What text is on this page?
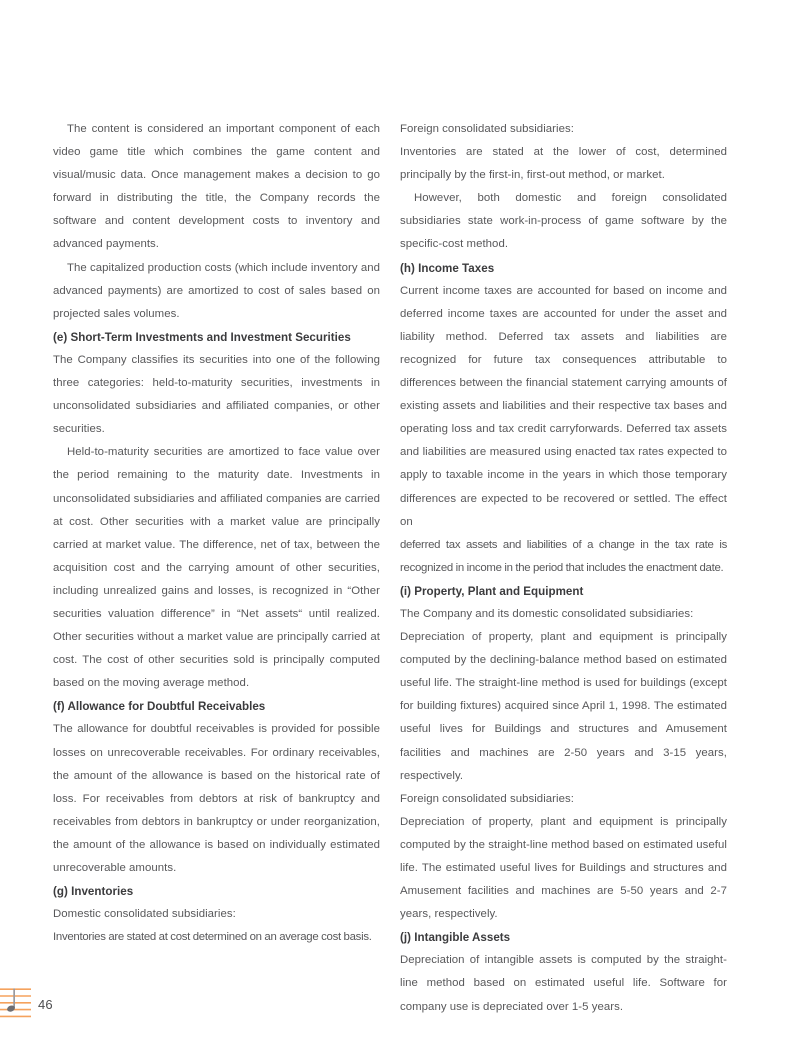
The content is considered an important component of each video game title which combines the game content and visual/music data. Once management makes a decision to go forward in distributing the title, the Company records the software and content development costs to inventory and advanced payments.

The capitalized production costs (which include inventory and advanced payments) are amortized to cost of sales based on projected sales volumes.

(e) Short-Term Investments and Investment Securities

The Company classifies its securities into one of the following three categories: held-to-maturity securities, investments in unconsolidated subsidiaries and affiliated companies, or other securities.

Held-to-maturity securities are amortized to face value over the period remaining to the maturity date. Investments in unconsolidated subsidiaries and affiliated companies are carried at cost. Other securities with a market value are principally carried at market value. The difference, net of tax, between the acquisition cost and the carrying amount of other securities, including unrealized gains and losses, is recognized in “Other securities valuation difference” in “Net assets“ until realized. Other securities without a market value are principally carried at cost. The cost of other securities sold is principally computed based on the moving average method.

(f) Allowance for Doubtful Receivables

The allowance for doubtful receivables is provided for possible losses on unrecoverable receivables. For ordinary receivables, the amount of the allowance is based on the historical rate of loss. For receivables from debtors at risk of bankruptcy and receivables from debtors in bankruptcy or under reorganization, the amount of the allowance is based on individually estimated unrecoverable amounts.

(g) Inventories

Domestic consolidated subsidiaries:

Inventories are stated at cost determined on an average cost basis.

Foreign consolidated subsidiaries:

Inventories are stated at the lower of cost, determined principally by the first-in, first-out method, or market.

However, both domestic and foreign consolidated subsidiaries state work-in-process of game software by the specific-cost method.

(h) Income Taxes

Current income taxes are accounted for based on income and deferred income taxes are accounted for under the asset and liability method. Deferred tax assets and liabilities are recognized for future tax consequences attributable to differences between the financial statement carrying amounts of existing assets and liabilities and their respective tax bases and operating loss and tax credit carryforwards. Deferred tax assets and liabilities are measured using enacted tax rates expected to apply to taxable income in the years in which those temporary differences are expected to be recovered or settled. The effect on

deferred tax assets and liabilities of a change in the tax rate is recognized in income in the period that includes the enactment date.

(i) Property, Plant and Equipment

The Company and its domestic consolidated subsidiaries:

Depreciation of property, plant and equipment is principally computed by the declining-balance method based on estimated useful life. The straight-line method is used for buildings (except for building fixtures) acquired since April 1, 1998. The estimated useful lives for Buildings and structures and Amusement facilities and machines are 2-50 years and 3-15 years, respectively.

Foreign consolidated subsidiaries:

Depreciation of property, plant and equipment is principally computed by the straight-line method based on estimated useful life. The estimated useful lives for Buildings and structures and Amusement facilities and machines are 5-50 years and 2-7 years, respectively.

(j) Intangible Assets

Depreciation of intangible assets is computed by the straight-line method based on estimated useful life. Software for company use is depreciated over 1-5 years.

46
